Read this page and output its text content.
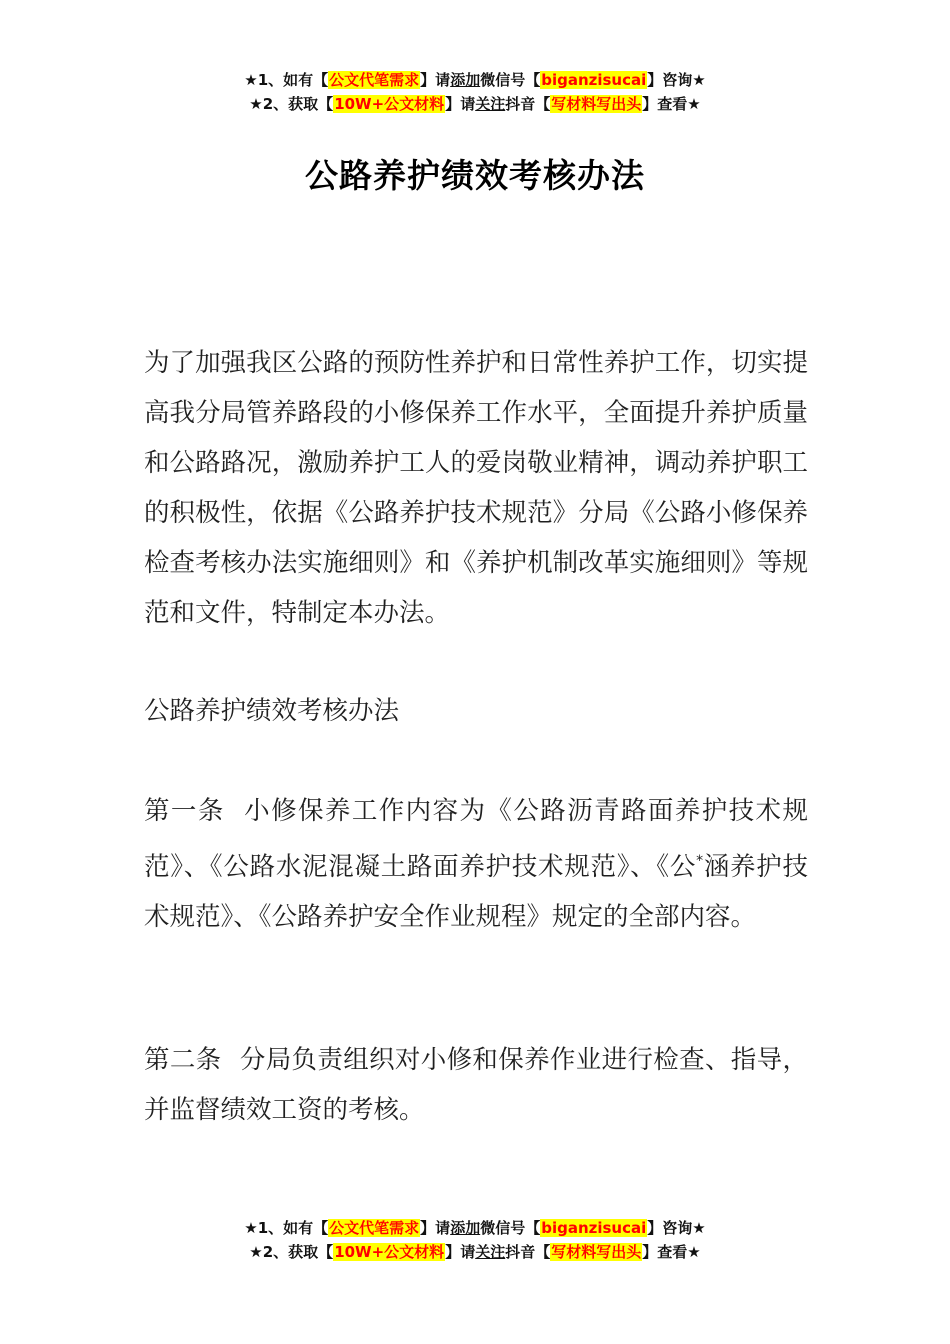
★1、如有【公文代笔需求】请添加微信号【biganzisucai】咨询★
★2、获取【10W+公文材料】请关注抖音【写材料写出头】查看★
公路养护绩效考核办法

为了加强我区公路的预防性养护和日常性养护工作，切实提高我分局管养路段的小修保养工作水平，全面提升养护质量和公路路况，激励养护工人的爱岗敬业精神，调动养护职工的积极性，依据《公路养护技术规范》分局《公路小修保养检查考核办法实施细则》和《养护机制改革实施细则》等规范和文件，特制定本办法。

公路养护绩效考核办法

第一条 小修保养工作内容为《公路沥青路面养护技术规范》、《公路水泥混凝土路面养护技术规范》、《公*涵养护技术规范》、《公路养护安全作业规程》规定的全部内容。

第二条 分局负责组织对小修和保养作业进行检查、指导，并监督绩效工资的考核。

★1、如有【公文代笔需求】请添加微信号【biganzisucai】咨询★
★2、获取【10W+公文材料】请关注抖音【写材料写出头】查看★
